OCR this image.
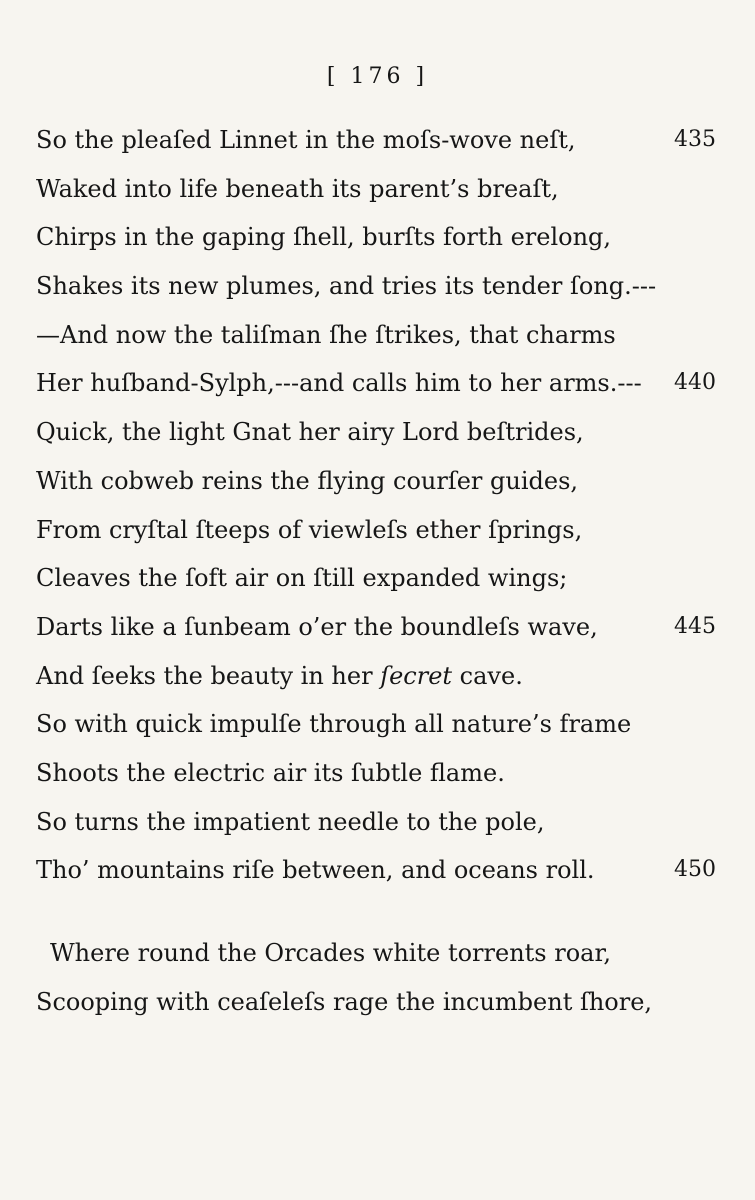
[ 176 ]
So the pleaſed Linnet in the moſs-wove neſt,	435
Waked into life beneath its parent’s breaſt,
Chirps in the gaping ſhell, burſts forth erelong,
Shakes its new plumes, and tries its tender ſong.---
—And now the taliſman ſhe ſtrikes, that charms
Her huſband-Sylph,---and calls him to her arms.--- 440
Quick, the light Gnat her airy Lord beſtrides,
With cobweb reins the flying courſer guides,
From cryſtal ſteeps of viewleſs ether ſprings,
Cleaves the ſoft air on ſtill expanded wings;
Darts like a ſunbeam o’er the boundleſs wave,	445
And ſeeks the beauty in her ſecret cave.
So with quick impulſe through all nature’s frame
Shoots the electric air its ſubtle flame.
So turns the impatient needle to the pole,
Tho’ mountains riſe between, and oceans roll.	450
Where round the Orcades white torrents roar,
Scooping with ceaſeleſs rage the incumbent ſhore,
